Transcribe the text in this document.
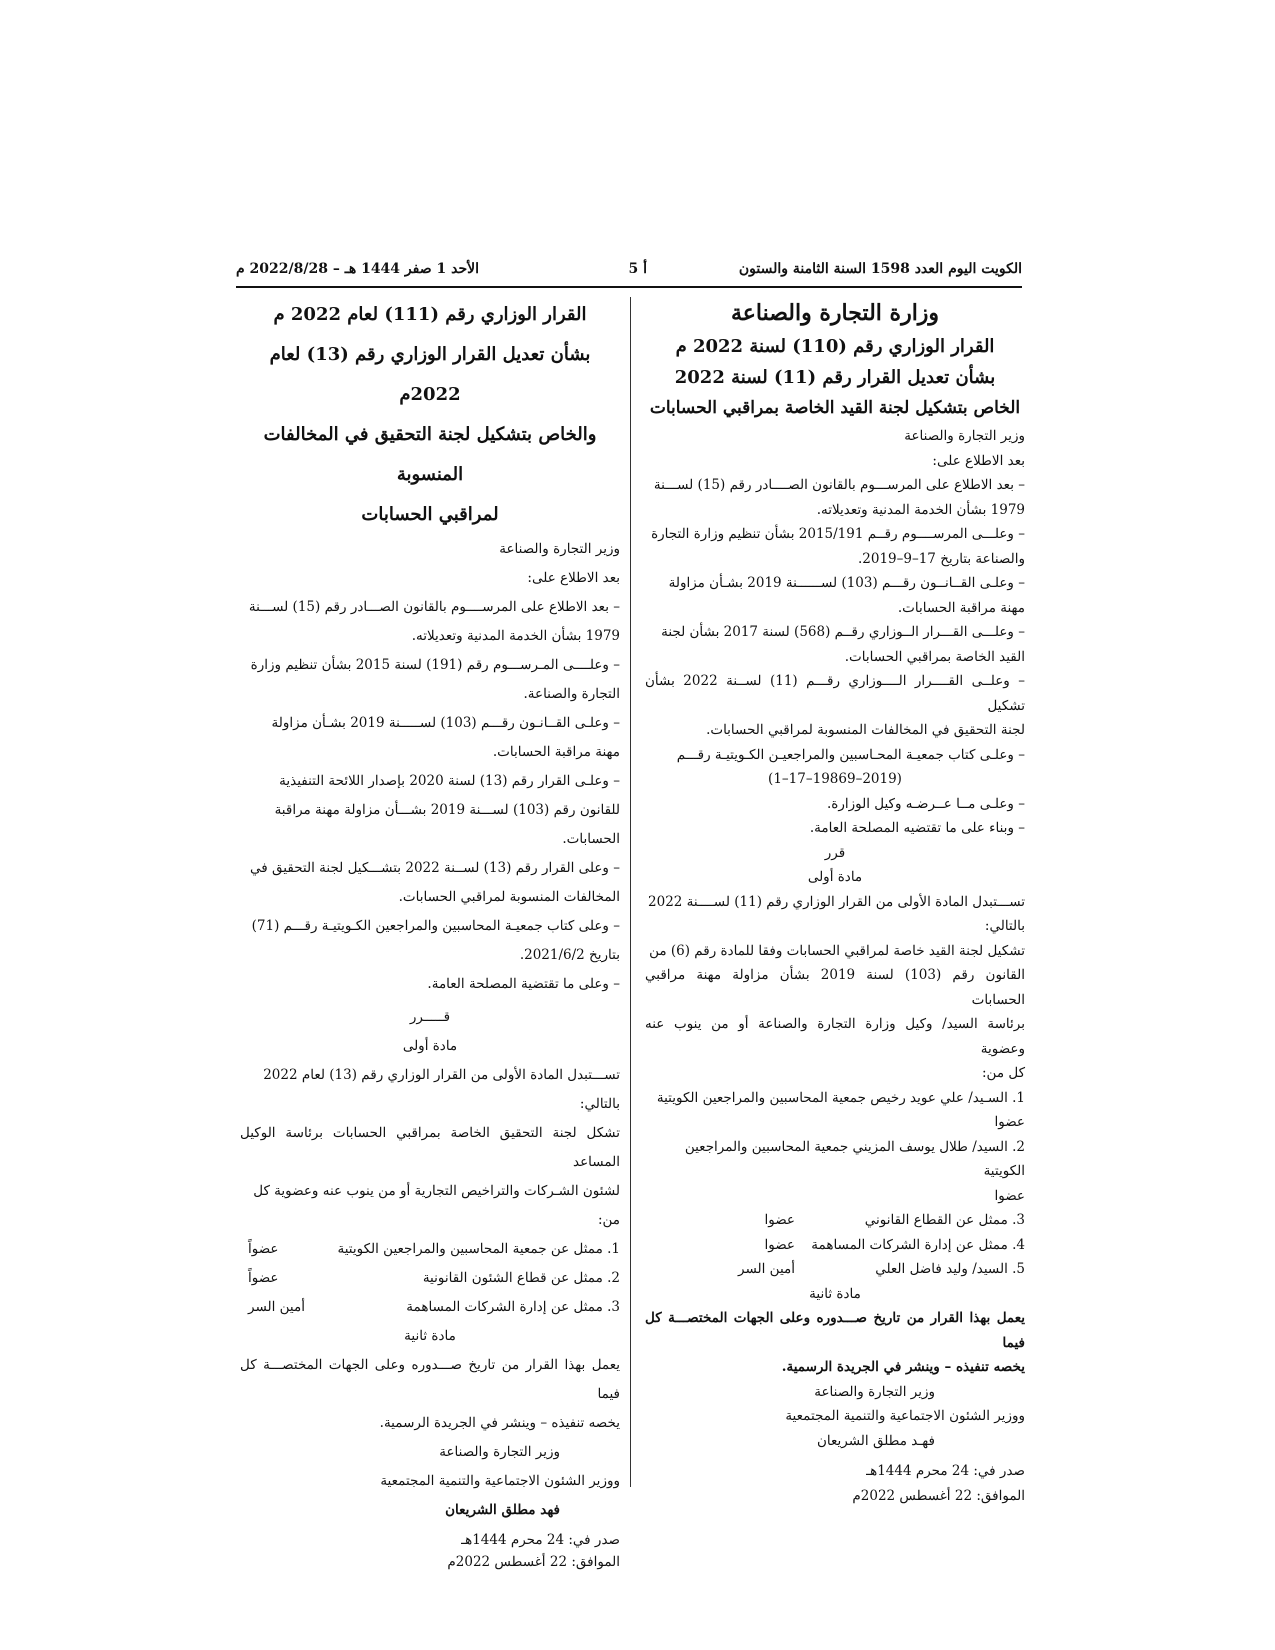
الكويت اليوم العدد 1598 السنة الثامنة والستون
أ 5
الأحد 1 صفر 1444 هـ – 2022/8/28 م

وزارة التجارة والصناعة

القرار الوزاري رقم (110) لسنة 2022 م

بشأن تعديل القرار رقم (11) لسنة 2022

الخاص بتشكيل لجنة القيد الخاصة بمراقبي الحسابات

وزير التجارة والصناعة

بعد الاطلاع على:

– بعد الاطلاع على المرســـوم بالقانون الصــــادر رقم (15) لســـنة

1979 بشأن الخدمة المدنية وتعديلاته.

– وعلـــى المرســــوم رقــم 2015/191 بشأن تنظيم وزارة التجارة

والصناعة بتاريخ 17–9–2019.

– وعلـى القــانــون رقـــم (103) لســــــنة 2019 بشـأن مزاولة

مهنة مراقبة الحسابات.

– وعلـــى القـــرار الــوزاري رقــم (568) لسنة 2017 بشأن لجنة

القيد الخاصة بمراقبي الحسابات.

– وعلــى القــــرار الــــوزاري رقـــم (11) لســنة 2022 بشأن تشكيل

لجنة التحقيق في المخالفات المنسوبة لمراقبي الحسابات.

– وعلـى كتاب جمعيـة المحـاسبين والمراجعيـن الكـويتيـة رقـــم

(2019–19869–17–1)

– وعلـى مــا عــرضـه وكيل الوزارة.

– وبناء على ما تقتضيه المصلحة العامة.

قرر

مادة أولى

تســـتبدل المادة الأولى من القرار الوزاري رقم (11) لســــنة 2022

بالتالي:

تشكيل لجنة القيد خاصة لمراقبي الحسابات وفقا للمادة رقم (6) من

القانون رقم (103) لسنة 2019 بشأن مزاولة مهنة مراقبي الحسابات

برئاسة السيد/ وكيل وزارة التجارة والصناعة أو من ينوب عنه وعضوية

كل من:

1. السـيد/ علي عويد رخيص جمعية المحاسبين والمراجعين الكويتية

عضوا

2. السيد/ طلال يوسف المزيني جمعية المحاسبين والمراجعين الكويتية

عضوا

3. ممثل عن القطاع القانوني
عضوا
4. ممثل عن إدارة الشركات المساهمة
عضوا
5. السيد/ وليد فاضل العلي
أمين السر

مادة ثانية

يعمل بهذا القرار من تاريخ صـــدوره وعلى الجهات المختصـــة كل فيما

يخصه تنفيذه – وينشر في الجريدة الرسمية.

وزير التجارة والصناعة

ووزير الشئون الاجتماعية والتنمية المجتمعية

فهـد مطلق الشريعان

صدر في: 24 محرم 1444هـ

الموافق: 22 أغسطس 2022م

القرار الوزاري رقم (111) لعام 2022 م

بشأن تعديل القرار الوزاري رقم (13) لعام 2022م

والخاص بتشكيل لجنة التحقيق في المخالفات المنسوبة

لمراقبي الحسابات

وزير التجارة والصناعة

بعد الاطلاع على:

– بعد الاطلاع على المرســــوم بالقانون الصـــادر رقم (15) لســـنة

1979 بشأن الخدمة المدنية وتعديلاته.

– وعلــــى المـرســـوم رقم (191) لسنة 2015 بشأن تنظيم وزارة

التجارة والصناعة.

– وعلـى القــانـون رقـــم (103) لســـــنة 2019 بشـأن مزاولة

مهنة مراقبة الحسابات.

– وعلـى القرار رقم (13) لسنة 2020 بإصدار اللائحة التنفيذية

للقانون رقم (103) لســـنة 2019 بشـــأن مزاولة مهنة مراقبة

الحسابات.

– وعلى القرار رقم (13) لســنة 2022 بتشـــكيل لجنة التحقيق في

المخالفات المنسوبة لمراقبي الحسابات.

– وعلى كتاب جمعيـة المحاسبين والمراجعين الكـويتيـة رقـــم (71)

بتاريخ 2021/6/2.

– وعلى ما تقتضية المصلحة العامة.

قـــــرر

مادة أولى

تســـتبدل المادة الأولى من القرار الوزاري رقم (13) لعام 2022

بالتالي:

تشكل لجنة التحقيق الخاصة بمراقبي الحسابات برئاسة الوكيل المساعد

لشئون الشـركات والتراخيص التجارية أو من ينوب عنه وعضوية كل

من:

1. ممثل عن جمعية المحاسبين والمراجعين الكويتية
عضواً
2. ممثل عن قطاع الشئون القانونية
عضواً
3. ممثل عن إدارة الشركات المساهمة
أمين السر

مادة ثانية

يعمل بهذا القرار من تاريخ صـــدوره وعلى الجهات المختصـــة كل فيما

يخصه تنفيذه – وينشر في الجريدة الرسمية.

وزير التجارة والصناعة

ووزير الشئون الاجتماعية والتنمية المجتمعية

فهد مطلق الشريعان

صدر في: 24 محرم 1444هـ

الموافق: 22 أغسطس 2022م
